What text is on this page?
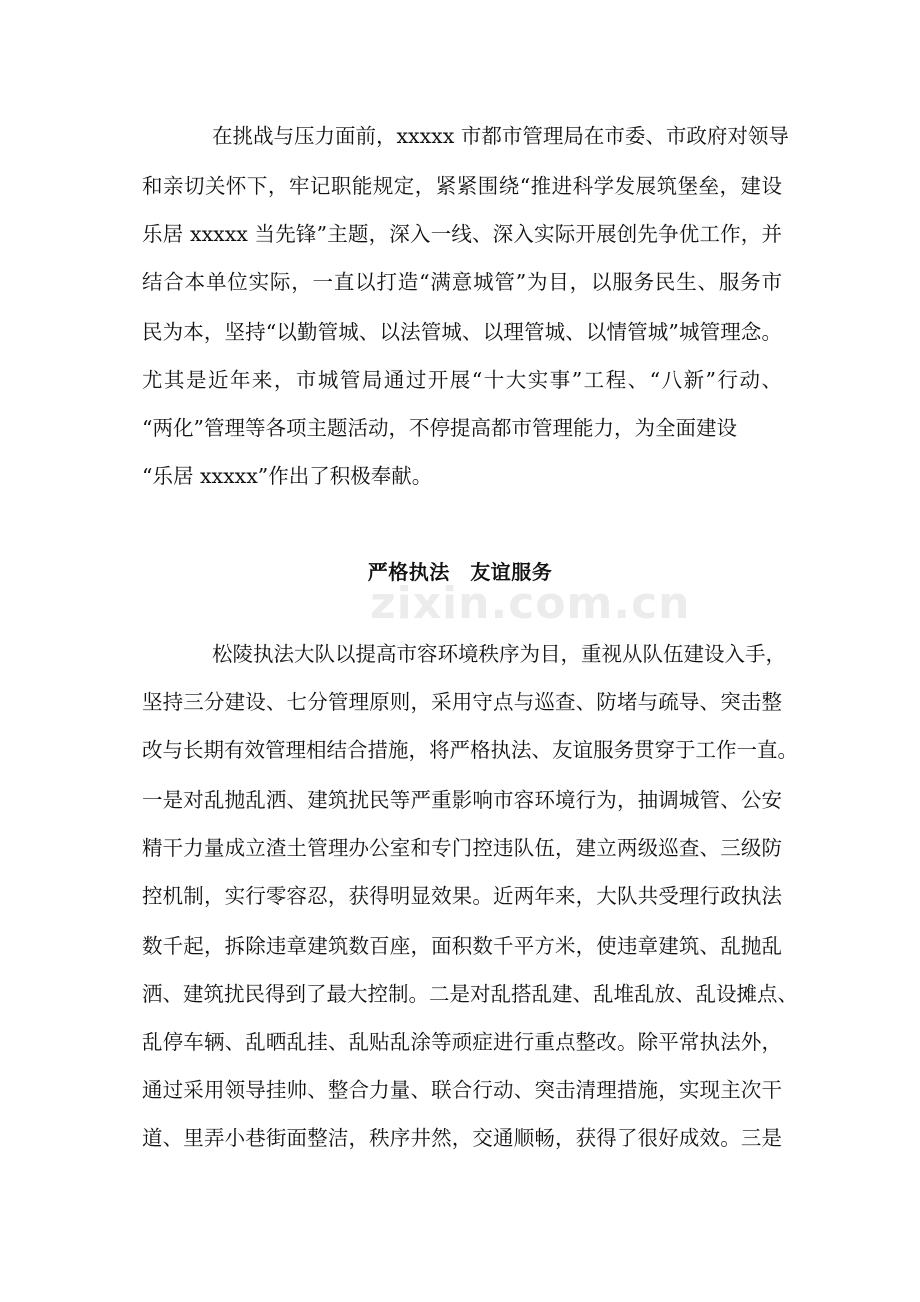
zixin.com.cn
在挑战与压力面前，xxxxx 市都市管理局在市委、市政府对领导
和亲切关怀下，牢记职能规定，紧紧围绕“推进科学发展筑堡垒，建设
乐居 xxxxx 当先锋”主题，深入一线、深入实际开展创先争优工作，并
结合本单位实际，一直以打造“满意城管”为目，以服务民生、服务市
民为本，坚持“以勤管城、以法管城、以理管城、以情管城”城管理念。
尤其是近年来，市城管局通过开展“十大实事”工程、“八新”行动、
“两化”管理等各项主题活动，不停提高都市管理能力，为全面建设
“乐居 xxxxx”作出了积极奉献。
严格执法　友谊服务
松陵执法大队以提高市容环境秩序为目，重视从队伍建设入手，
坚持三分建设、七分管理原则，采用守点与巡查、防堵与疏导、突击整
改与长期有效管理相结合措施，将严格执法、友谊服务贯穿于工作一直。
一是对乱抛乱洒、建筑扰民等严重影响市容环境行为，抽调城管、公安
精干力量成立渣土管理办公室和专门控违队伍，建立两级巡查、三级防
控机制，实行零容忍，获得明显效果。近两年来，大队共受理行政执法
数千起，拆除违章建筑数百座，面积数千平方米，使违章建筑、乱抛乱
洒、建筑扰民得到了最大控制。二是对乱搭乱建、乱堆乱放、乱设摊点、
乱停车辆、乱晒乱挂、乱贴乱涂等顽症进行重点整改。除平常执法外，
通过采用领导挂帅、整合力量、联合行动、突击清理措施，实现主次干
道、里弄小巷街面整洁，秩序井然，交通顺畅，获得了很好成效。三是
